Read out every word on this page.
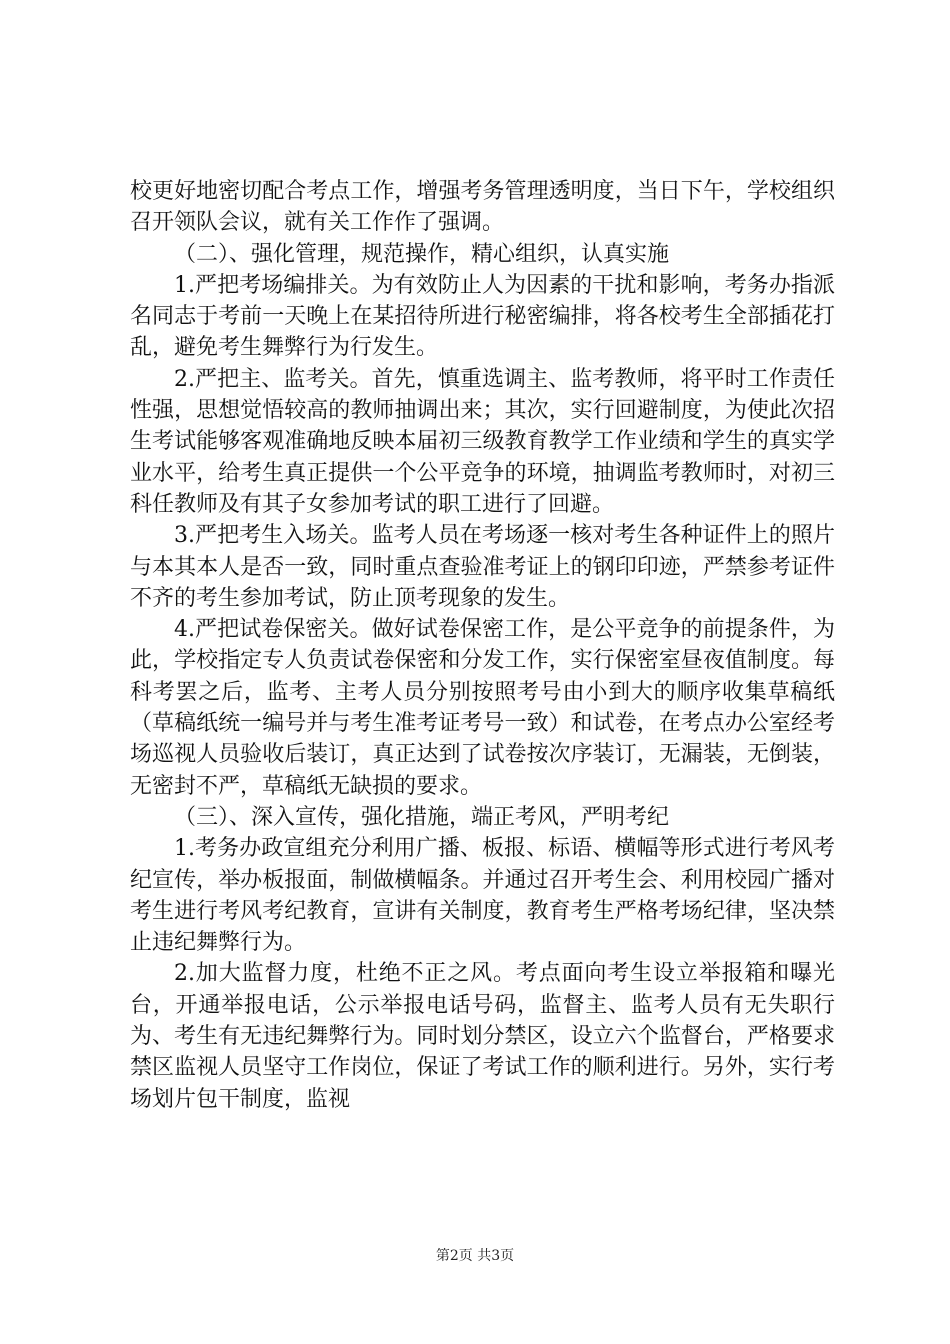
校更好地密切配合考点工作，增强考务管理透明度，当日下午，学校组织召开领队会议，就有关工作作了强调。

（二）、强化管理，规范操作，精心组织，认真实施

1.严把考场编排关。为有效防止人为因素的干扰和影响，考务办指派名同志于考前一天晚上在某招待所进行秘密编排，将各校考生全部插花打乱，避免考生舞弊行为行发生。

2.严把主、监考关。首先，慎重选调主、监考教师，将平时工作责任性强，思想觉悟较高的教师抽调出来；其次，实行回避制度，为使此次招生考试能够客观准确地反映本届初三级教育教学工作业绩和学生的真实学业水平，给考生真正提供一个公平竞争的环境，抽调监考教师时，对初三科任教师及有其子女参加考试的职工进行了回避。

3.严把考生入场关。监考人员在考场逐一核对考生各种证件上的照片与本其本人是否一致，同时重点查验准考证上的钢印印迹，严禁参考证件不齐的考生参加考试，防止顶考现象的发生。

4.严把试卷保密关。做好试卷保密工作，是公平竞争的前提条件，为此，学校指定专人负责试卷保密和分发工作，实行保密室昼夜值制度。每科考罢之后，监考、主考人员分别按照考号由小到大的顺序收集草稿纸（草稿纸统一编号并与考生准考证考号一致）和试卷，在考点办公室经考场巡视人员验收后装订，真正达到了试卷按次序装订，无漏装，无倒装，无密封不严，草稿纸无缺损的要求。

（三）、深入宣传，强化措施，端正考风，严明考纪

1.考务办政宣组充分利用广播、板报、标语、横幅等形式进行考风考纪宣传，举办板报面，制做横幅条。并通过召开考生会、利用校园广播对考生进行考风考纪教育，宣讲有关制度，教育考生严格考场纪律，坚决禁止违纪舞弊行为。

2.加大监督力度，杜绝不正之风。考点面向考生设立举报箱和曝光台，开通举报电话，公示举报电话号码，监督主、监考人员有无失职行为、考生有无违纪舞弊行为。同时划分禁区，设立六个监督台，严格要求禁区监视人员坚守工作岗位，保证了考试工作的顺利进行。另外，实行考场划片包干制度，监视

第2页 共3页
